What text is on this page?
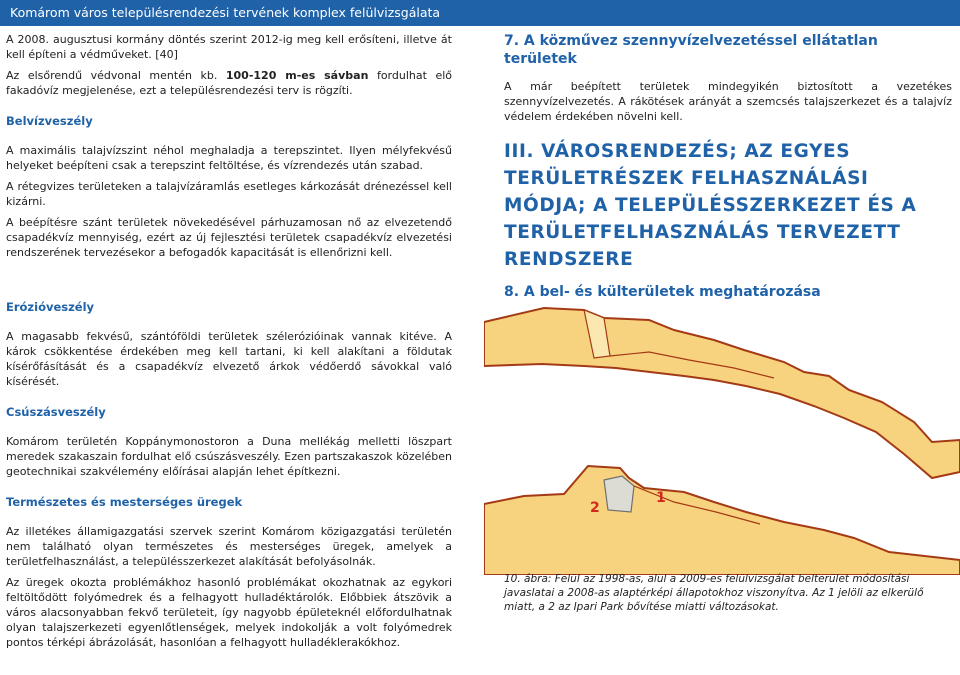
Komárom város településrendezési tervének komplex felülvizsgálata

A 2008. augusztusi kormány döntés szerint 2012-ig meg kell erősíteni, illetve át kell építeni a védműveket. [40]

Az elsőrendű védvonal mentén kb. 100-120 m-es sávban fordulhat elő fakadóvíz megjelenése, ezt a településrendezési terv is rögzíti.

Belvízveszély

A maximális talajvízszint néhol meghaladja a terepszintet. Ilyen mélyfekvésű helyeket beépíteni csak a terepszint feltöltése, és vízrendezés után szabad.

A rétegvizes területeken a talajvízáramlás esetleges kárkozását drénezéssel kell kizárni.

A beépítésre szánt területek növekedésével párhuzamosan nő az elvezetendő csapadékvíz mennyiség, ezért az új fejlesztési területek csapadékvíz elvezetési rendszerének tervezésekor a befogadók kapacitását is ellenőrizni kell.

Erózióveszély

A magasabb fekvésű, szántóföldi területek szélerózióinak vannak kitéve. A károk csökkentése érdekében meg kell tartani, ki kell alakítani a földutak kísérőfásítását és a csapadékvíz elvezető árkok védőerdő sávokkal való kísérését.

Csúszásveszély

Komárom területén Koppánymonostoron a Duna mellékág melletti löszpart meredek szakaszain fordulhat elő csúszásveszély. Ezen partszakaszok közelében geotechnikai szakvélemény előírásai alapján lehet építkezni.

Természetes és mesterséges üregek

Az illetékes államigazgatási szervek szerint Komárom közigazgatási területén nem található olyan természetes és mesterséges üregek, amelyek a területfelhasználást, a településszerkezet alakítását befolyásolnák.

Az üregek okozta problémákhoz hasonló problémákat okozhatnak az egykori feltöltődött folyómedrek és a felhagyott hulladéktárolók. Előbbiek átszövik a város alacsonyabban fekvő területeit, így nagyobb épületeknél előfordulhatnak olyan talajszerkezeti egyenlőtlenségek, melyek indokolják a volt folyómedrek pontos térképi ábrázolását, hasonlóan a felhagyott hulladéklerakókhoz.

7. A közművez szennyvízelvezetéssel ellátatlan területek

A már beépített területek mindegyikén biztosított a vezetékes szennyvízelvezetés. A rákötések arányát a szemcsés talajszerkezet és a talajvíz védelem érdekében növelni kell.

III. VÁROSRENDEZÉS; AZ EGYES TERÜLETRÉSZEK FELHASZNÁLÁSI MÓDJA; A TELEPÜLÉSSZERKEZET ÉS A TERÜLETFELHASZNÁLÁS TERVEZETT RENDSZERE
8. A bel- és külterületek meghatározása
1
2
10. ábra: Felül az 1998-as, alul a 2009-es felülvizsgálat belterület módosítási javaslatai a 2008-as alaptérképi állapotokhoz viszonyítva. Az 1 jelöli az elkerülő miatt, a 2 az Ipari Park bővítése miatti változásokat.
